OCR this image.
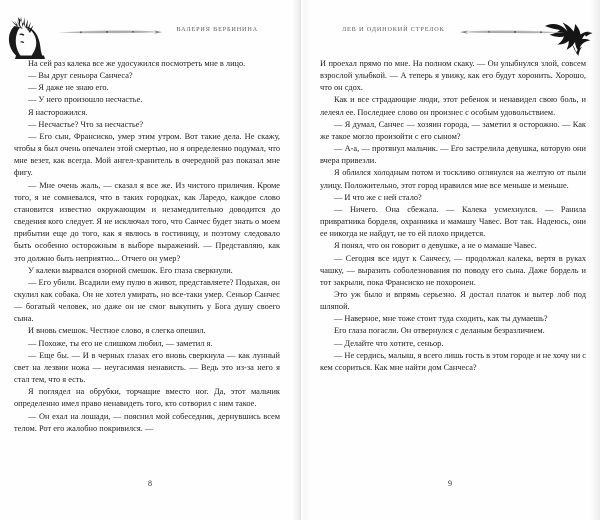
ВАЛЕРИЯ ВЕРБИНИНА

На сей раз калека все же удосужился посмотреть мне в лицо.

— Вы друг сеньора Санчеса?

— Я даже не знаю его.

— У него произошло несчастье.

Я насторожился.

— Несчастье? Что за несчастье?

— Его сын, Франсиско, умер этим утром. Вот такие дела. Не скажу, чтобы я был очень опечален этой смертью, но я определенно подумал, что мне везет, как всегда. Мой ангел-хранитель в очередной раз показал мне фигу.

— Мне очень жаль, — сказал я все же. Из чистого приличия. Кроме того, я не сомневался, что в таких городках, как Ларедо, каждое слово становится известно окружающим и незамедлительно доводится до сведения кого следует. Я не исключал того, что Санчес будет знать о моем прибытии еще до того, как я явлюсь в гостиницу, и поэтому следовало быть особенно осторожным в выборе выражений. — Представляю, как это должно быть неприятно... Отчего он умер?

У калеки вырвался озорной смешок. Его глаза сверкнули.

— Его убили. Всадили ему пулю в живот, представляете? Подыхая, он скулил как собака. Он не хотел умирать, но все-таки умер. Сеньор Санчес — богатый человек, но даже он не смог выкупить у Бога душу своего сына.

И вновь смешок. Честное слово, я слегка опешил.

— Похоже, ты его не слишком любил, — заметил я.

— Еще бы. — И в черных глазах его вновь сверкнула — как лунный свет на лезвии ножа — неугасимая ненависть. — Ведь это из-за него я стал тем, что я есть.

Я поглядел на обрубки, торчащие вместо ног. Да, этот мальчик определенно имел право ненавидеть того, кто сотворил с ним такое.

— Он ехал на лошади, — пояснил мой собеседник, дернувшись всем телом. Рот его жалобно покривился. —

8
ЛЕВ И ОДИНОКИЙ СТРЕЛОК

И проехал прямо по мне. На полном скаку. — Он улыбнулся злой, совсем взрослой улыбкой. — А теперь я увижу, как его будут хоронить. Хорошо, что он сдох.

Как и все страдающие люди, этот ребенок и ненавидел свою боль, и лелеял ее. Последнее слово он произнес с особым удовольствием.

— Я думал, Санчес — хозяин города, — заметил я осторожно. — Как же такое могло произойти с его сыном?

— А-а, — протянул мальчик. — Его застрелила девушка, которую они вчера привезли.

Я облился холодным потом и тоскливо оглянулся на желтую от пыли улицу. Положительно, этот город нравился мне все меньше и меньше.

— И что же с ней стало?

— Ничего. Она сбежала. — Калека усмехнулся. — Ранила привратника борделя, охранника и мамашу Чавес. Вот так. Надеюсь, они ее никогда не найдут, не то ей плохо придется.

Я понял, что он говорит о девушке, а не о мамаше Чавес.

— Сегодня все идут к Санчесу, — продолжал калека, вертя в руках чашку, — выразить соболезнования по поводу его сына. Даже бордель и тот закрыли, пока Франсиско не похоронен.

Это уж было и впрямь серьезно. Я достал платок и вытер лоб под шляпой.

— Наверное, мне тоже стоит туда сходить, как ты думаешь?

Его глаза погасли. Он отвернулся с деланым безразличием.

— Делайте что хотите, сеньор.

— Не сердись, малыш, я всего лишь гость в этом городе и не хочу ни с кем ссориться. Как мне найти дом Санчеса?

9
